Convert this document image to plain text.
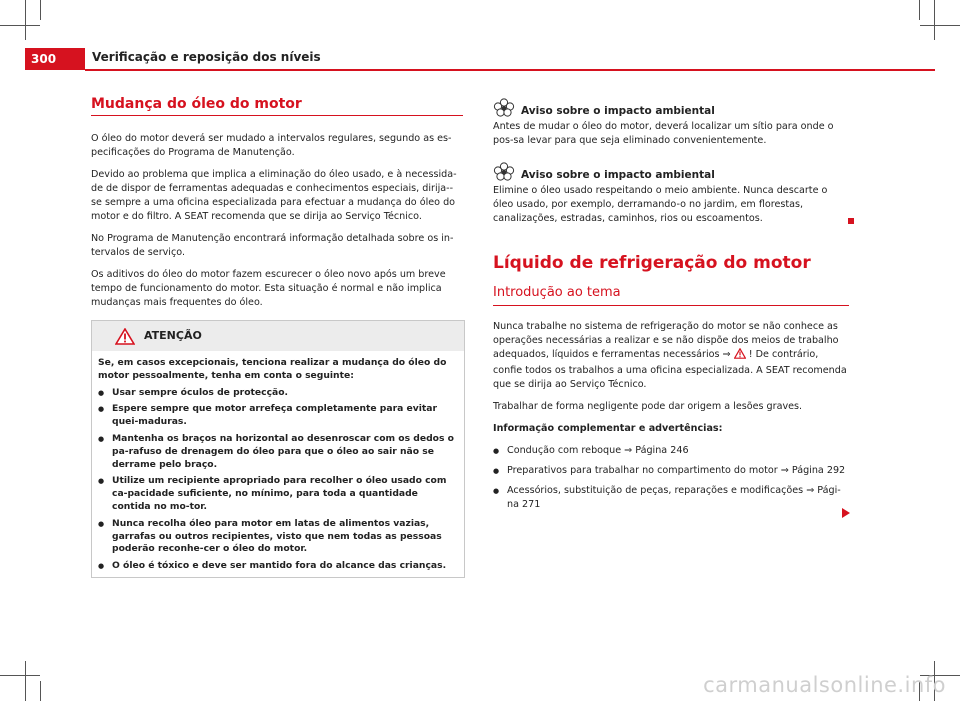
300	Verificação e reposição dos níveis
Mudança do óleo do motor

O óleo do motor deverá ser mudado a intervalos regulares, segundo as es-pecificações do Programa de Manutenção.

Devido ao problema que implica a eliminação do óleo usado, e à necessida-de de dispor de ferramentas adequadas e conhecimentos especiais, dirija--se sempre a uma oficina especializada para efectuar a mudança do óleo do motor e do filtro. A SEAT recomenda que se dirija ao Serviço Técnico.

No Programa de Manutenção encontrará informação detalhada sobre os in-tervalos de serviço.

Os aditivos do óleo do motor fazem escurecer o óleo novo após um breve tempo de funcionamento do motor. Esta situação é normal e não implica mudanças mais frequentes do óleo.

ATENÇÃO

Se, em casos excepcionais, tenciona realizar a mudança do óleo do motor pessoalmente, tenha em conta o seguinte:

● Usar sempre óculos de protecção.

● Espere sempre que motor arrefeça completamente para evitar quei-maduras.

● Mantenha os braços na horizontal ao desenroscar com os dedos o pa-rafuso de drenagem do óleo para que o óleo ao sair não se derrame pelo braço.

● Utilize um recipiente apropriado para recolher o óleo usado com ca-pacidade suficiente, no mínimo, para toda a quantidade contida no mo-tor.

● Nunca recolha óleo para motor em latas de alimentos vazias, garrafas ou outros recipientes, visto que nem todas as pessoas poderão reconhe-cer o óleo do motor.

● O óleo é tóxico e deve ser mantido fora do alcance das crianças.

Aviso sobre o impacto ambiental

Antes de mudar o óleo do motor, deverá localizar um sítio para onde o pos-sa levar para que seja eliminado convenientemente.

Aviso sobre o impacto ambiental

Elimine o óleo usado respeitando o meio ambiente. Nunca descarte o óleo usado, por exemplo, derramando-o no jardim, em florestas, canalizações, estradas, caminhos, rios ou escoamentos.

Líquido de refrigeração do motor
Introdução ao tema

Nunca trabalhe no sistema de refrigeração do motor se não conhece as operações necessárias a realizar e se não dispõe dos meios de trabalho adequados, líquidos e ferramentas necessários ⇒ ! De contrário, confie todos os trabalhos a uma oficina especializada. A SEAT recomenda que se dirija ao Serviço Técnico.

Trabalhar de forma negligente pode dar origem a lesões graves.

Informação complementar e advertências:

● Condução com reboque ⇒ Página 246
● Preparativos para trabalhar no compartimento do motor ⇒ Página 292
● Acessórios, substituição de peças, reparações e modificações ⇒ Pági-na 271
carmanualsonline.info
